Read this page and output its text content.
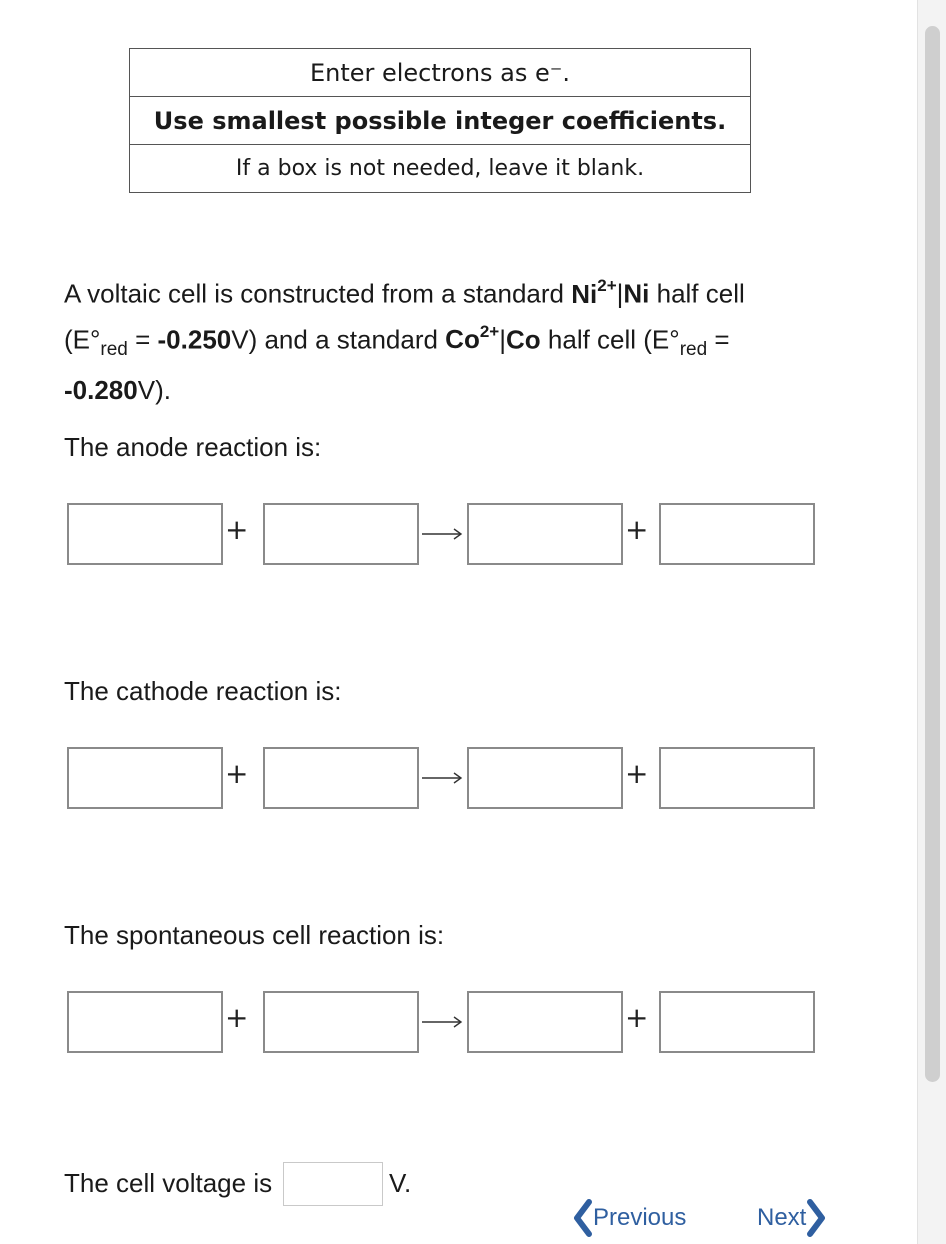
Enter electrons as e⁻.
Use smallest possible integer coefficients.
If a box is not needed, leave it blank.
A voltaic cell is constructed from a standard $Ni^{2+}|Ni$ half cell
$(E^\circ_{red} = -0.250V)$ and a standard $Co^{2+}|Co$ half cell ($E^\circ_{red}$ =
-0.280V).
The anode reaction is:
+	+
The cathode reaction is:
+	+
The spontaneous cell reaction is:
+	+
The cell voltage is	V.
Previous	Next
